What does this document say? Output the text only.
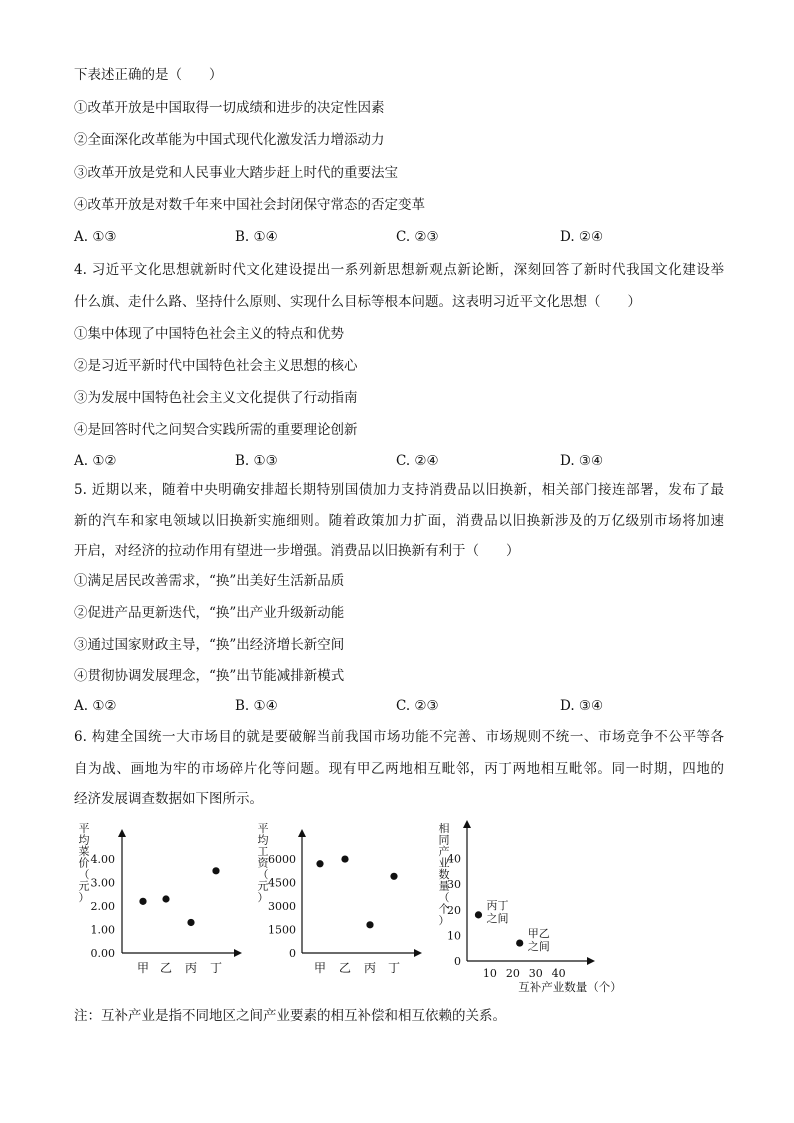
下表述正确的是（　　）
①改革开放是中国取得一切成绩和进步的决定性因素
②全面深化改革能为中国式现代化激发活力增添动力
③改革开放是党和人民事业大踏步赶上时代的重要法宝
④改革开放是对数千年来中国社会封闭保守常态的否定变革
A. ①③	B. ①④	C. ②③	D. ②④
4. 习近平文化思想就新时代文化建设提出一系列新思想新观点新论断，深刻回答了新时代我国文化建设举
什么旗、走什么路、坚持什么原则、实现什么目标等根本问题。这表明习近平文化思想（　　）
①集中体现了中国特色社会主义的特点和优势
②是习近平新时代中国特色社会主义思想的核心
③为发展中国特色社会主义文化提供了行动指南
④是回答时代之问契合实践所需的重要理论创新
A. ①②	B. ①③	C. ②④	D. ③④
5. 近期以来，随着中央明确安排超长期特别国债加力支持消费品以旧换新，相关部门接连部署，发布了最
新的汽车和家电领域以旧换新实施细则。随着政策加力扩面，消费品以旧换新涉及的万亿级别市场将加速
开启，对经济的拉动作用有望进一步增强。消费品以旧换新有利于（　　）
①满足居民改善需求，“换”出美好生活新品质
②促进产品更新迭代，“换”出产业升级新动能
③通过国家财政主导，“换”出经济增长新空间
④贯彻协调发展理念，“换”出节能减排新模式
A. ①②	B. ①④	C. ②③	D. ③④
6. 构建全国统一大市场目的就是要破解当前我国市场功能不完善、市场规则不统一、市场竞争不公平等各
自为战、画地为牢的市场碎片化等问题。现有甲乙两地相互毗邻，丙丁两地相互毗邻。同一时期，四地的
经济发展调查数据如下图所示。
平
均
菜
价
（
元
）
0.00
1.00
2.00
3.00
4.00
甲 乙 丙 丁
平
均
工
资
（
元
）
0
1500
3000
4500
6000
甲 乙 丙 丁
相
同
产
业
数
量
（
个
）
0
10
20
30
40
10 20 30 40
互补产业数量（个）
丙丁
之间
甲乙
之间
注：互补产业是指不同地区之间产业要素的相互补偿和相互依赖的关系。
